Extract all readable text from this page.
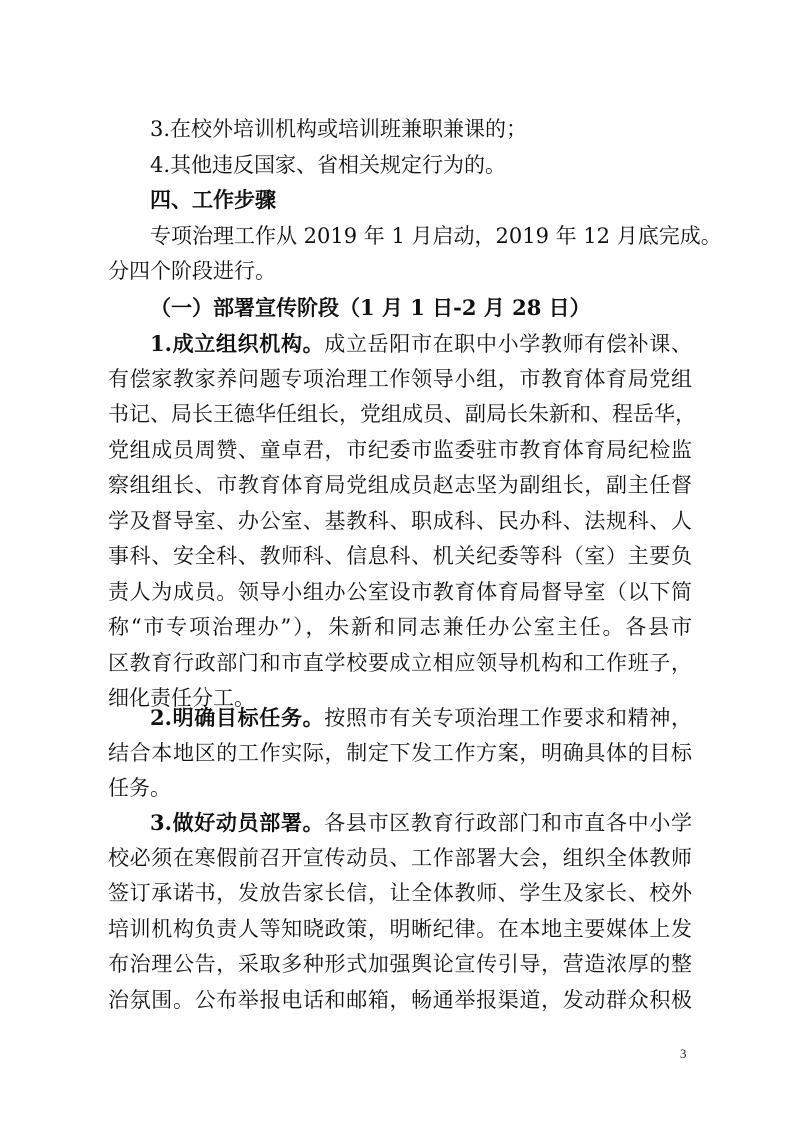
3.在校外培训机构或培训班兼职兼课的；
4.其他违反国家、省相关规定行为的。
四、工作步骤
专项治理工作从 2019 年 1 月启动，2019 年 12 月底完成。
分四个阶段进行。
（一）部署宣传阶段（1 月 1 日-2 月 28 日）
1.成立组织机构。成立岳阳市在职中小学教师有偿补课、
有偿家教家养问题专项治理工作领导小组，市教育体育局党组
书记、局长王德华任组长，党组成员、副局长朱新和、程岳华，
党组成员周赞、童卓君，市纪委市监委驻市教育体育局纪检监
察组组长、市教育体育局党组成员赵志坚为副组长，副主任督
学及督导室、办公室、基教科、职成科、民办科、法规科、人
事科、安全科、教师科、信息科、机关纪委等科（室）主要负
责人为成员。领导小组办公室设市教育体育局督导室（以下简
称“市专项治理办”），朱新和同志兼任办公室主任。各县市
区教育行政部门和市直学校要成立相应领导机构和工作班子，
细化责任分工。
2.明确目标任务。按照市有关专项治理工作要求和精神，
结合本地区的工作实际，制定下发工作方案，明确具体的目标
任务。
3.做好动员部署。各县市区教育行政部门和市直各中小学
校必须在寒假前召开宣传动员、工作部署大会，组织全体教师
签订承诺书，发放告家长信，让全体教师、学生及家长、校外
培训机构负责人等知晓政策，明晰纪律。在本地主要媒体上发
布治理公告，采取多种形式加强舆论宣传引导，营造浓厚的整
治氛围。公布举报电话和邮箱，畅通举报渠道，发动群众积极
3
